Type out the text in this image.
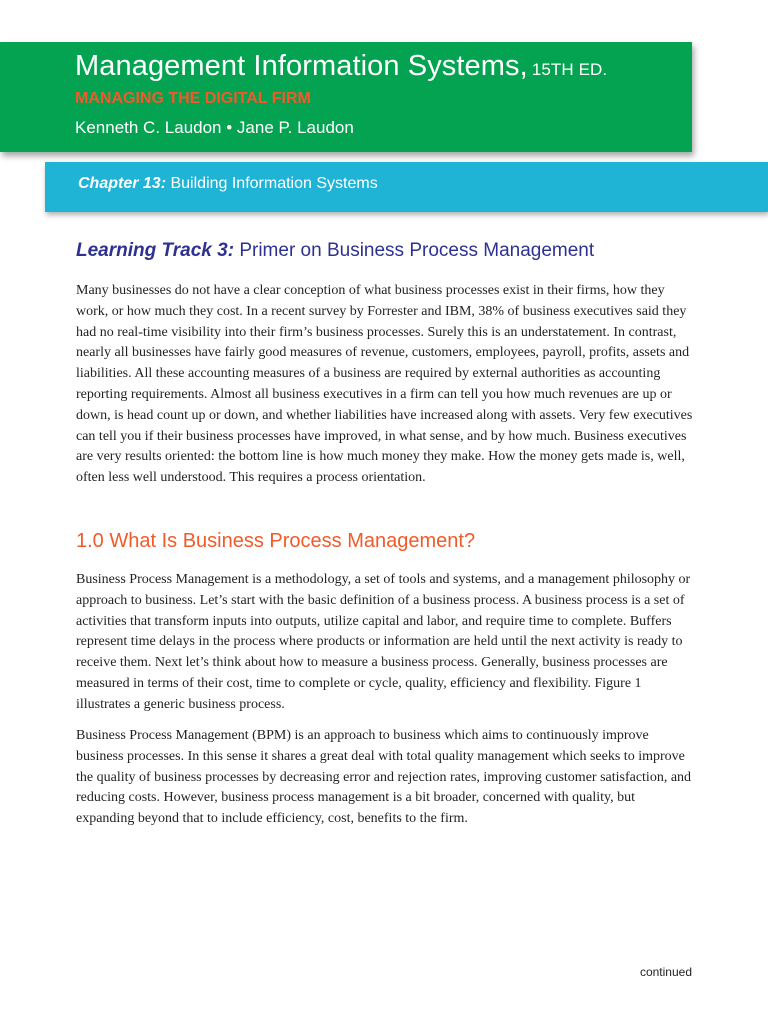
Management Information Systems, 15TH ED.

MANAGING THE DIGITAL FIRM

Kenneth C. Laudon • Jane P. Laudon

Chapter 13: Building Information Systems

Learning Track 3: Primer on Business Process Management

Many businesses do not have a clear conception of what business processes exist in their firms, how they work, or how much they cost. In a recent survey by Forrester and IBM, 38% of business executives said they had no real-time visibility into their firm’s business processes. Surely this is an understatement. In contrast, nearly all businesses have fairly good measures of revenue, customers, employees, payroll, profits, assets and liabilities. All these accounting measures of a business are required by external authorities as accounting reporting requirements. Almost all business executives in a firm can tell you how much revenues are up or down, is head count up or down, and whether liabilities have increased along with assets. Very few executives can tell you if their business processes have improved, in what sense, and by how much. Business executives are very results oriented: the bottom line is how much money they make. How the money gets made is, well, often less well understood. This requires a process orientation.

1.0 What Is Business Process Management?

Business Process Management is a methodology, a set of tools and systems, and a management philosophy or approach to business. Let’s start with the basic definition of a business process. A business process is a set of activities that transform inputs into outputs, utilize capital and labor, and require time to complete. Buffers represent time delays in the process where products or information are held until the next activity is ready to receive them. Next let’s think about how to measure a business process. Generally, business processes are measured in terms of their cost, time to complete or cycle, quality, efficiency and flexibility. Figure 1 illustrates a generic business process.

Business Process Management (BPM) is an approach to business which aims to continuously improve business processes. In this sense it shares a great deal with total quality management which seeks to improve the quality of business processes by decreasing error and rejection rates, improving customer satisfaction, and reducing costs. However, business process management is a bit broader, concerned with quality, but expanding beyond that to include efficiency, cost, benefits to the firm.

continued
